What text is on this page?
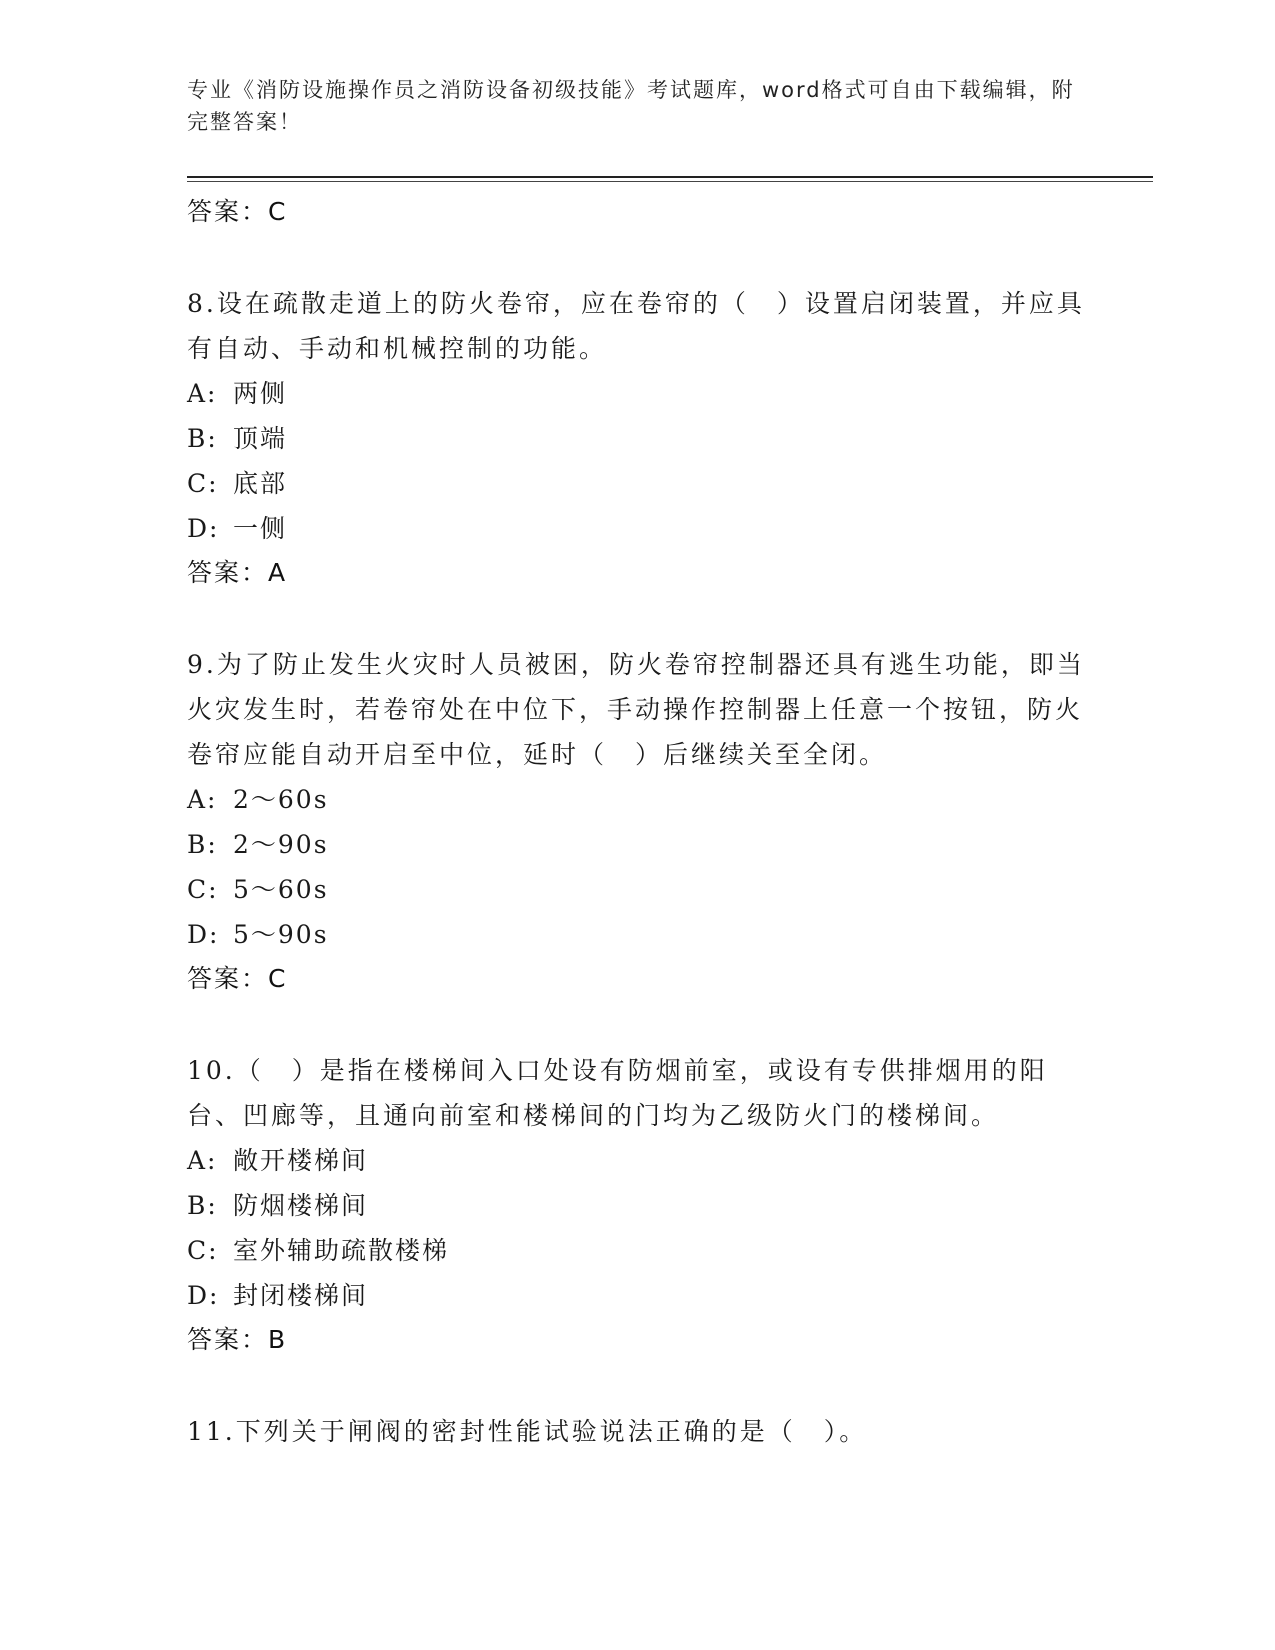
专业《消防设施操作员之消防设备初级技能》考试题库，word格式可自由下载编辑，附完整答案！
答案：C
8.设在疏散走道上的防火卷帘，应在卷帘的（　）设置启闭装置，并应具有自动、手动和机械控制的功能。
A: 两侧
B: 顶端
C: 底部
D: 一侧
答案：A
9.为了防止发生火灾时人员被困，防火卷帘控制器还具有逃生功能，即当火灾发生时，若卷帘处在中位下，手动操作控制器上任意一个按钮，防火卷帘应能自动开启至中位，延时（　）后继续关至全闭。
A: 2～60s
B: 2～90s
C: 5～60s
D: 5～90s
答案：C
10.（　）是指在楼梯间入口处设有防烟前室，或设有专供排烟用的阳台、凹廊等，且通向前室和楼梯间的门均为乙级防火门的楼梯间。
A: 敞开楼梯间
B: 防烟楼梯间
C: 室外辅助疏散楼梯
D: 封闭楼梯间
答案：B
11.下列关于闸阀的密封性能试验说法正确的是（　）。
